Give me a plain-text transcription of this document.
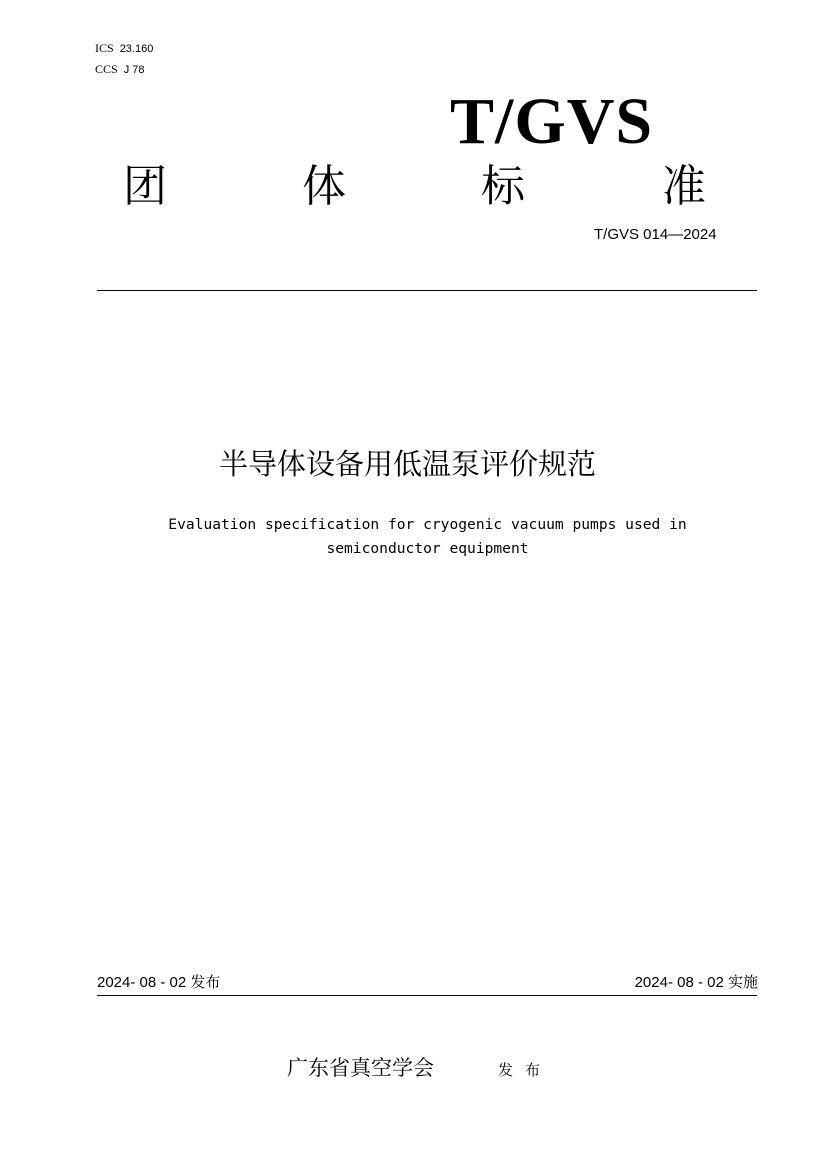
ICS 23.160
CCS J 78
T/GVS
团	体	标	准
T/GVS 014—2024
半导体设备用低温泵评价规范
Evaluation specification for cryogenic vacuum pumps used in
semiconductor equipment
2024- 08 - 02 发布	2024- 08 - 02 实施
广东省真空学会	发布
